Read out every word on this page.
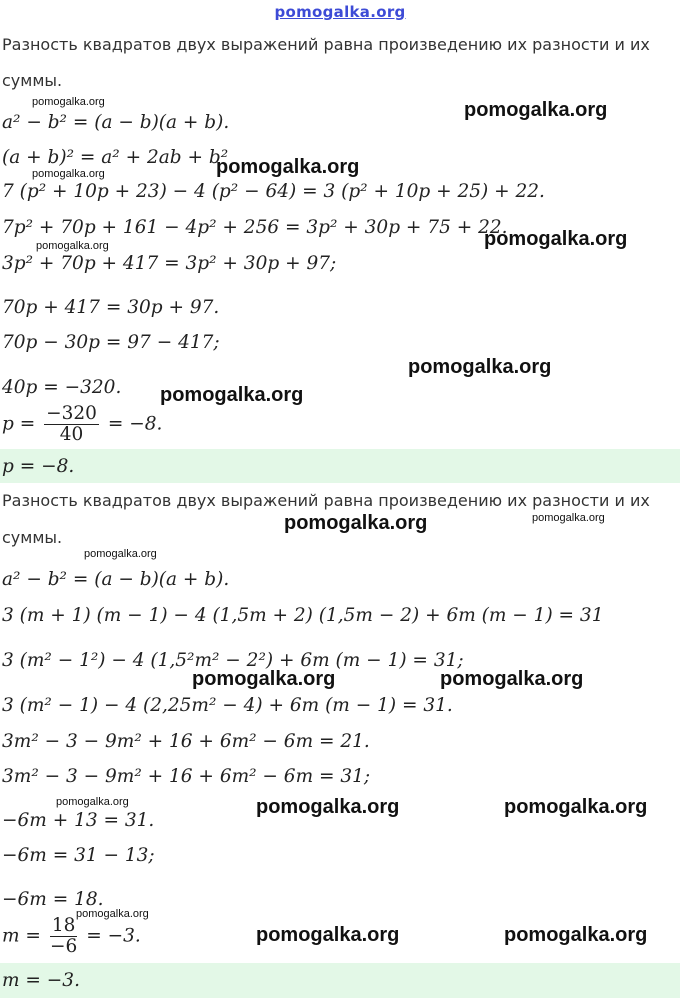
pomogalka.org
Разность квадратов двух выражений равна произведению их разности и их
суммы.
a² − b² = (a − b)(a + b).
(a + b)² = a² + 2ab + b²
7 (p² + 10p + 23) − 4 (p² − 64) = 3 (p² + 10p + 25) + 22.
7p² + 70p + 161 − 4p² + 256 = 3p² + 30p + 75 + 22.
3p² + 70p + 417 = 3p² + 30p + 97;
70p + 417 = 30p + 97.
70p − 30p = 97 − 417;
40p = −320.
$p = \frac{-320}{40} = -8$.
p = −8.
Разность квадратов двух выражений равна произведению их разности и их
суммы.
a² − b² = (a − b)(a + b).
3 (m + 1) (m − 1) − 4 (1,5m + 2) (1,5m − 2) + 6m (m − 1) = 31
3 (m² − 1²) − 4 (1,5²m² − 2²) + 6m (m − 1) = 31;
3 (m² − 1) − 4 (2,25m² − 4) + 6m (m − 1) = 31.
3m² − 3 − 9m² + 16 + 6m² − 6m = 21.
3m² − 3 − 9m² + 16 + 6m² − 6m = 31;
−6m + 13 = 31.
−6m = 31 − 13;
−6m = 18.
$m = \frac{18}{-6} = -3$.
m = −3.
pomogalka.org
pomogalka.org
pomogalka.org
pomogalka.org
pomogalka.org
pomogalka.org
pomogalka.org
pomogalka.org
pomogalka.org	pomogalka.org
pomogalka.org
pomogalka.org	pomogalka.org
pomogalka.org	pomogalka.org	pomogalka.org
pomogalka.org
pomogalka.org	pomogalka.org
